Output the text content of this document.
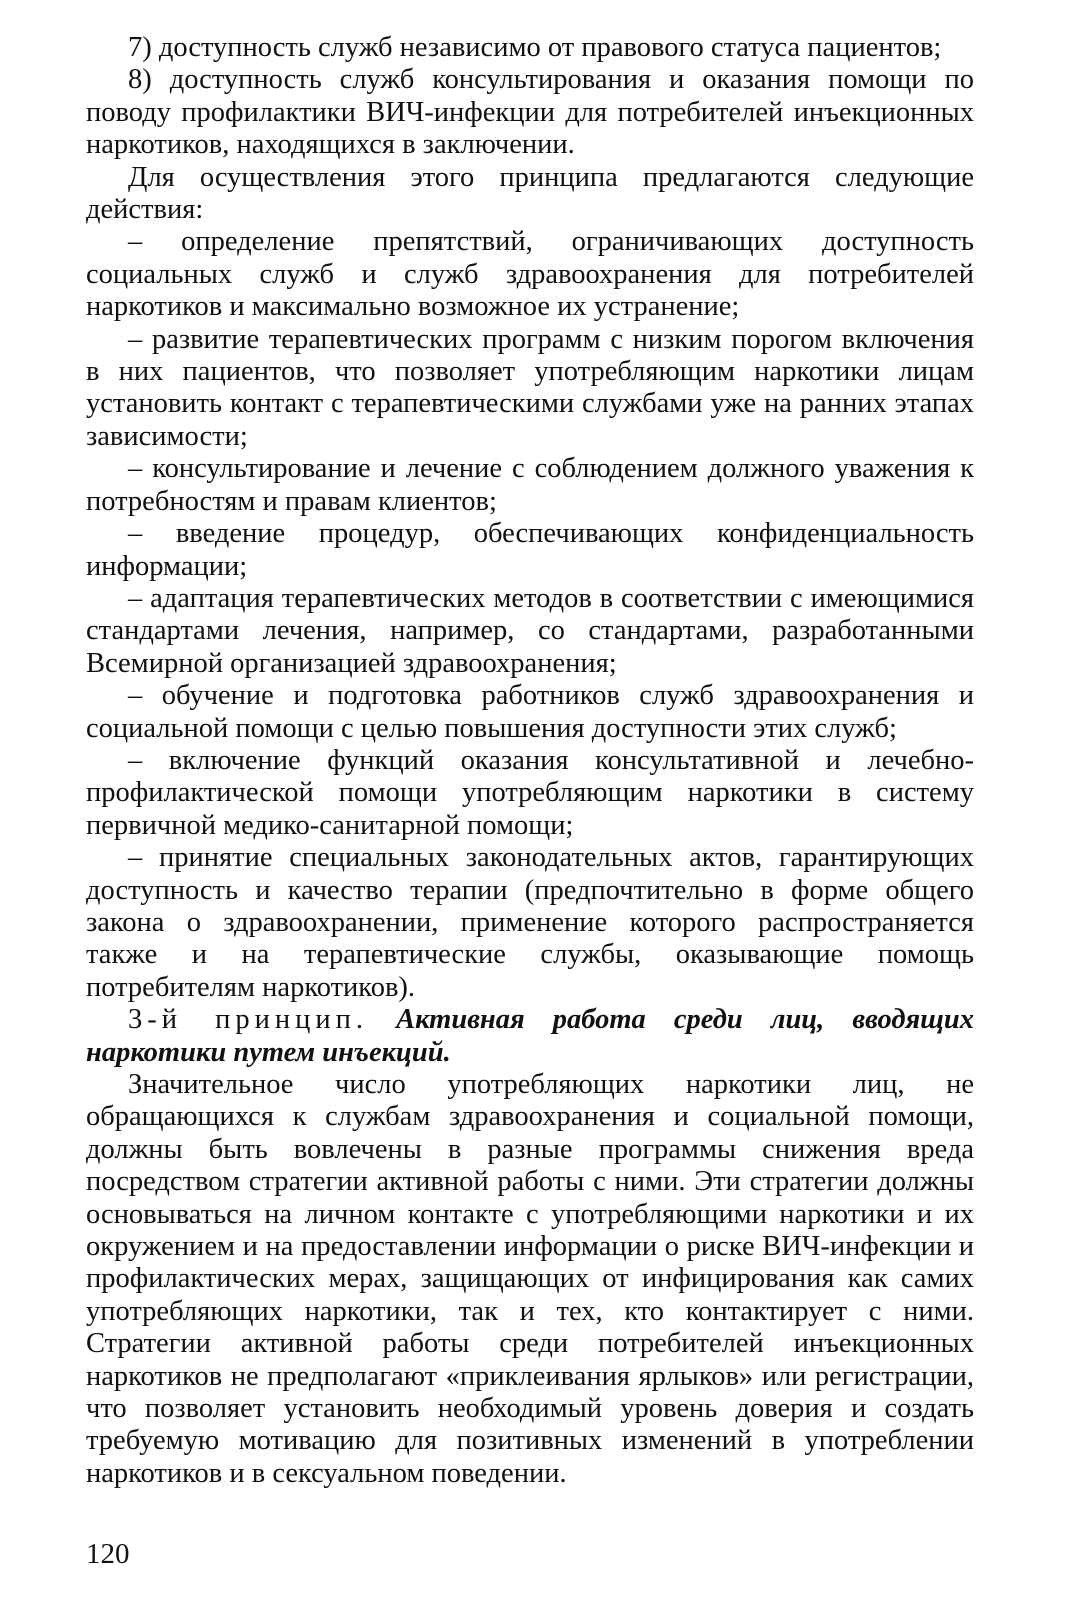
7) доступность служб независимо от правового статуса пациентов;

8) доступность служб консультирования и оказания помощи по поводу профилактики ВИЧ-инфекции для потребителей инъекционных наркотиков, находящихся в заключении.

Для осуществления этого принципа предлагаются следующие действия:

– определение препятствий, ограничивающих доступность социальных служб и служб здравоохранения для потребителей наркотиков и максимально возможное их устранение;

– развитие терапевтических программ с низким порогом включения в них пациентов, что позволяет употребляющим наркотики лицам установить контакт с терапевтическими службами уже на ранних этапах зависимости;

– консультирование и лечение с соблюдением должного уважения к потребностям и правам клиентов;

– введение процедур, обеспечивающих конфиденциальность информации;

– адаптация терапевтических методов в соответствии с имеющимися стандартами лечения, например, со стандартами, разработанными Всемирной организацией здравоохранения;

– обучение и подготовка работников служб здравоохранения и социальной помощи с целью повышения доступности этих служб;

– включение функций оказания консультативной и лечебно-профилактической помощи употребляющим наркотики в систему первичной медико-санитарной помощи;

– принятие специальных законодательных актов, гарантирующих доступность и качество терапии (предпочтительно в форме общего закона о здравоохранении, применение которого распространяется также и на терапевтические службы, оказывающие помощь потребителям наркотиков).

3-й принцип. Активная работа среди лиц, вводящих наркотики путем инъекций.

Значительное число употребляющих наркотики лиц, не обращающихся к службам здравоохранения и социальной помощи, должны быть вовлечены в разные программы снижения вреда посредством стратегии активной работы с ними. Эти стратегии должны основываться на личном контакте с употребляющими наркотики и их окружением и на предоставлении информации о риске ВИЧ-инфекции и профилактических мерах, защищающих от инфицирования как самих употребляющих наркотики, так и тех, кто контактирует с ними. Стратегии активной работы среди потребителей инъекционных наркотиков не предполагают «приклеивания ярлыков» или регистрации, что позволяет установить необходимый уровень доверия и создать требуемую мотивацию для позитивных изменений в употреблении наркотиков и в сексуальном поведении.

120
